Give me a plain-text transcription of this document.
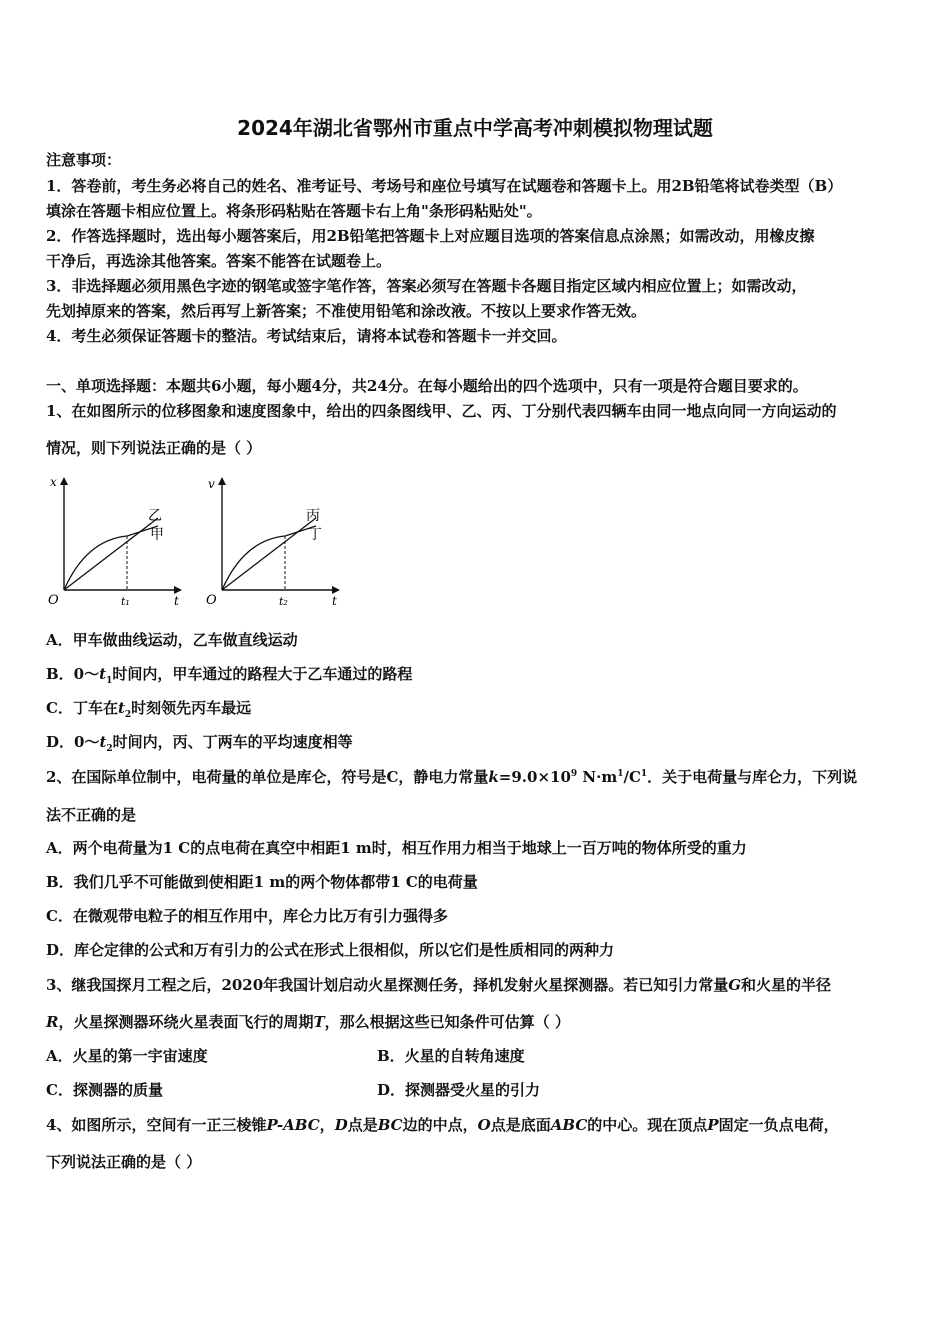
2024年湖北省鄂州市重点中学高考冲刺模拟物理试题
注意事项：
1．答卷前，考生务必将自己的姓名、准考证号、考场号和座位号填写在试题卷和答题卡上。用2B铅笔将试卷类型（B）
填涂在答题卡相应位置上。将条形码粘贴在答题卡右上角"条形码粘贴处"。
2．作答选择题时，选出每小题答案后，用2B铅笔把答题卡上对应题目选项的答案信息点涂黑；如需改动，用橡皮擦
干净后，再选涂其他答案。答案不能答在试题卷上。
3．非选择题必须用黑色字迹的钢笔或签字笔作答，答案必须写在答题卡各题目指定区域内相应位置上；如需改动，
先划掉原来的答案，然后再写上新答案；不准使用铅笔和涂改液。不按以上要求作答无效。
4．考生必须保证答题卡的整洁。考试结束后，请将本试卷和答题卡一并交回。
一、单项选择题：本题共6小题，每小题4分，共24分。在每小题给出的四个选项中，只有一项是符合题目要求的。
1、在如图所示的位移图象和速度图象中，给出的四条图线甲、乙、丙、丁分别代表四辆车由同一地点向同一方向运动的
情况，则下列说法正确的是（ ）
x
O	t₁	t
乙
甲
v
O	t₂	t
丙
丁
A．甲车做曲线运动，乙车做直线运动
B．$0\sim t_1$时间内，甲车通过的路程大于乙车通过的路程
C．丁车在$t_2$时刻领先丙车最远
D．$0\sim t_2$时间内，丙、丁两车的平均速度相等
2、在国际单位制中，电荷量的单位是库仑，符号是C，静电力常量$k=9.0\times 10^9$ $N\cdot m^1/C^1$．关于电荷量与库仑力，下列说
法不正确的是
A．两个电荷量为1 C的点电荷在真空中相距1 m时，相互作用力相当于地球上一百万吨的物体所受的重力
B．我们几乎不可能做到使相距1 m的两个物体都带1 C的电荷量
C．在微观带电粒子的相互作用中，库仑力比万有引力强得多
D．库仑定律的公式和万有引力的公式在形式上很相似，所以它们是性质相同的两种力
3、继我国探月工程之后，2020年我国计划启动火星探测任务，择机发射火星探测器。若已知引力常量G和火星的半径
R，火星探测器环绕火星表面飞行的周期T，那么根据这些已知条件可估算（ ）
A．火星的第一宇宙速度	B．火星的自转角速度
C．探测器的质量	D．探测器受火星的引力
4、如图所示，空间有一正三棱锥P-ABC，D点是BC边的中点，O点是底面ABC的中心。现在顶点P固定一负点电荷，
下列说法正确的是（ ）
